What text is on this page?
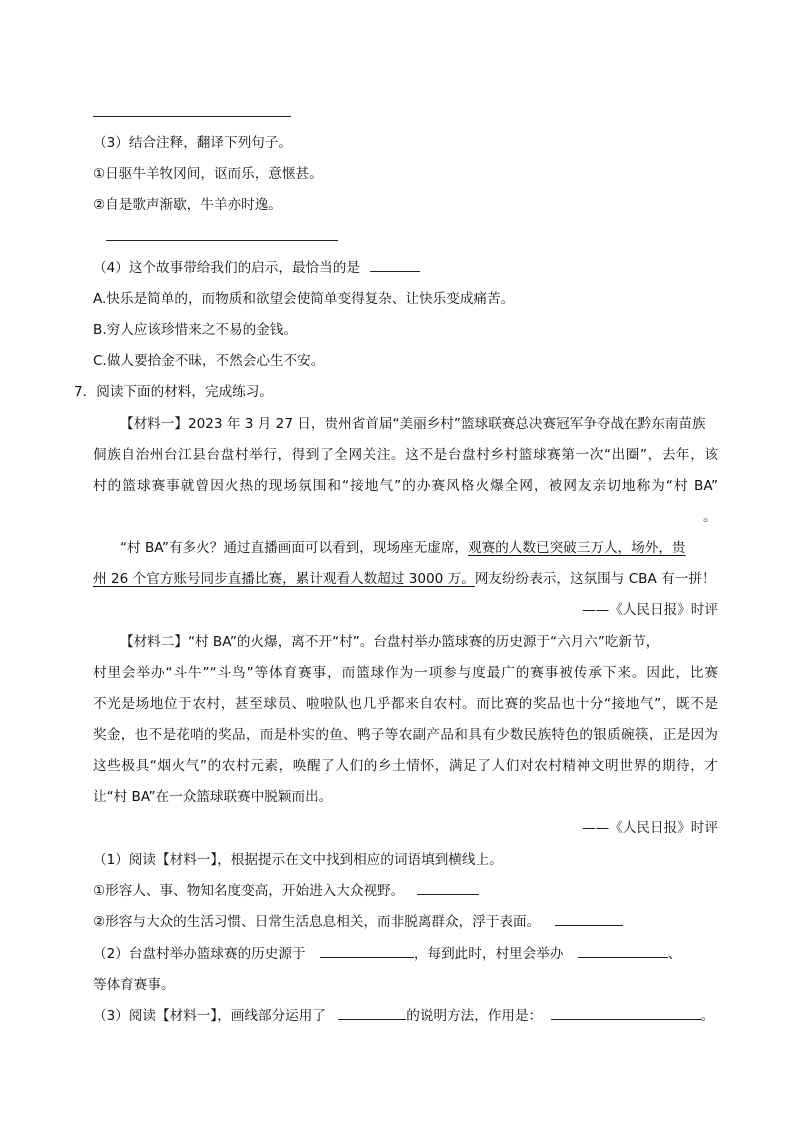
（3）结合注释，翻译下列句子。
①日驱牛羊牧冈间，讴而乐，意惬甚。
②自是歌声渐歇，牛羊亦时逸。
（4）这个故事带给我们的启示，最恰当的是
A.快乐是简单的，而物质和欲望会使简单变得复杂、让快乐变成痛苦。
B.穷人应该珍惜来之不易的金钱。
C.做人要拾金不昧，不然会心生不安。
7．阅读下面的材料，完成练习。
【材料一】2023 年 3 月 27 日，贵州省首届“美丽乡村”篮球联赛总决赛冠军争夺战在黔东南苗族
侗族自治州台江县台盘村举行，得到了全网关注。这不是台盘村乡村篮球赛第一次“出圈”，去年，该
村的篮球赛事就曾因火热的现场氛围和“接地气”的办赛风格火爆全网，被网友亲切地称为“村 BA”
。
“村 BA”有多火？通过直播画面可以看到，现场座无虚席，观赛的人数已突破三万人，场外，贵
州 26 个官方账号同步直播比赛，累计观看人数超过 3000 万。网友纷纷表示，这氛围与 CBA 有一拼！
——《人民日报》时评
【材料二】“村 BA”的火爆，离不开“村”。台盘村举办篮球赛的历史源于“六月六”吃新节，
村里会举办“斗牛”“斗鸟”等体育赛事，而篮球作为一项参与度最广的赛事被传承下来。因此，比赛
不光是场地位于农村，甚至球员、啦啦队也几乎都来自农村。而比赛的奖品也十分“接地气”，既不是
奖金，也不是花哨的奖品，而是朴实的鱼、鸭子等农副产品和具有少数民族特色的银质碗筷，正是因为
这些极具“烟火气”的农村元素，唤醒了人们的乡土情怀，满足了人们对农村精神文明世界的期待，才
让“村 BA”在一众篮球联赛中脱颖而出。
——《人民日报》时评
（1）阅读【材料一】，根据提示在文中找到相应的词语填到横线上。
①形容人、事、物知名度变高，开始进入大众视野。
②形容与大众的生活习惯、日常生活息息相关，而非脱离群众，浮于表面。
（2）台盘村举办篮球赛的历史源于	，每到此时，村里会举办	、
等体育赛事。
（3）阅读【材料一】，画线部分运用了	的说明方法，作用是：	。
